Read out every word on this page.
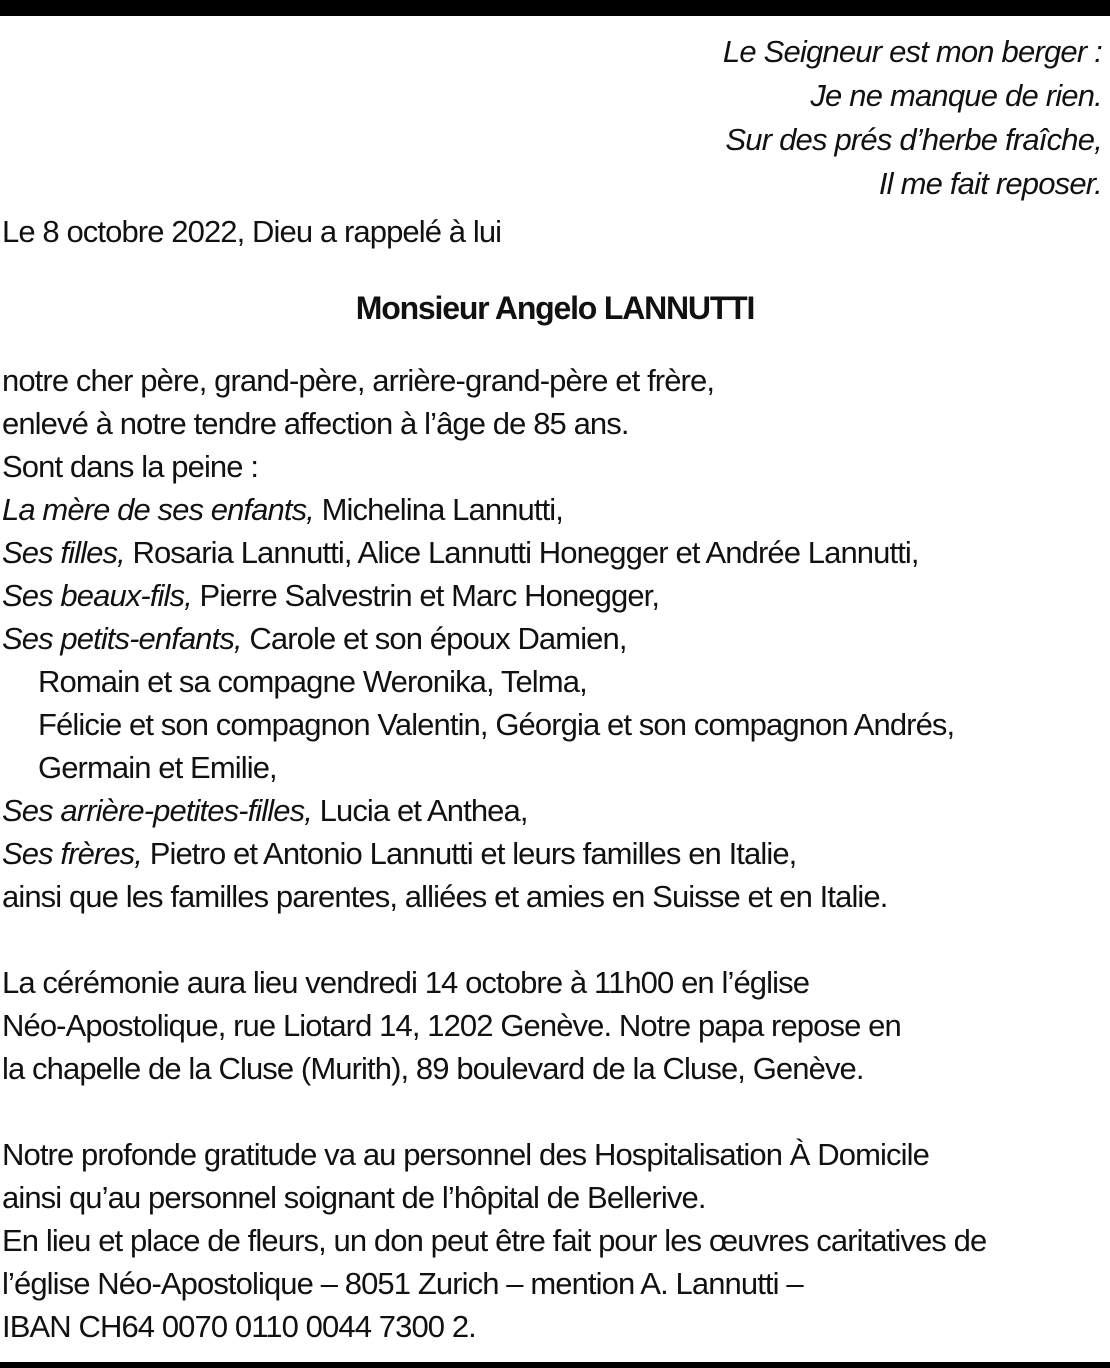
Le Seigneur est mon berger :
Je ne manque de rien.
Sur des prés d’herbe fraîche,
Il me fait reposer.
Le 8 octobre 2022, Dieu a rappelé à lui
Monsieur Angelo LANNUTTI
notre cher père, grand-père, arrière-grand-père et frère,
enlevé à notre tendre affection à l’âge de 85 ans.
Sont dans la peine :
La mère de ses enfants, Michelina Lannutti,
Ses filles, Rosaria Lannutti, Alice Lannutti Honegger et Andrée Lannutti,
Ses beaux-fils, Pierre Salvestrin et Marc Honegger,
Ses petits-enfants, Carole et son époux Damien,
Romain et sa compagne Weronika, Telma,
Félicie et son compagnon Valentin, Géorgia et son compagnon Andrés,
Germain et Emilie,
Ses arrière-petites-filles, Lucia et Anthea,
Ses frères, Pietro et Antonio Lannutti et leurs familles en Italie,
ainsi que les familles parentes, alliées et amies en Suisse et en Italie.
La cérémonie aura lieu vendredi 14 octobre à 11h00 en l’église
Néo-Apostolique, rue Liotard 14, 1202 Genève. Notre papa repose en
la chapelle de la Cluse (Murith), 89 boulevard de la Cluse, Genève.
Notre profonde gratitude va au personnel des Hospitalisation À Domicile
ainsi qu’au personnel soignant de l’hôpital de Bellerive.
En lieu et place de fleurs, un don peut être fait pour les œuvres caritatives de
l’église Néo-Apostolique – 8051 Zurich – mention A. Lannutti –
IBAN CH64 0070 0110 0044 7300 2.
